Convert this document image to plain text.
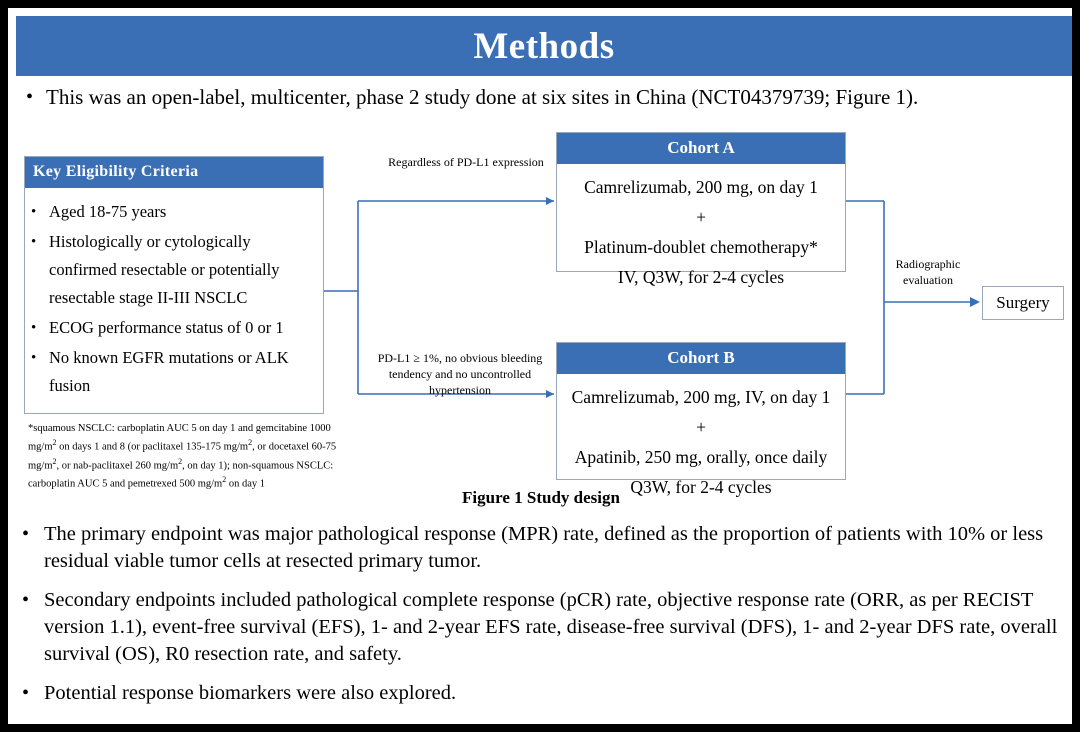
Methods
• This was an open-label, multicenter, phase 2 study done at six sites in China (NCT04379739; Figure 1).
Key Eligibility Criteria
• Aged 18-75 years
• Histologically or cytologically confirmed resectable or potentially resectable stage II-III NSCLC
• ECOG performance status of 0 or 1
• No known EGFR mutations or ALK fusion
*squamous NSCLC: carboplatin AUC 5 on day 1 and gemcitabine 1000 $mg/m^2$ on days 1 and 8 (or paclitaxel 135-175 $mg/m^2$, or docetaxel 60-75 $mg/m^2$, or nab-paclitaxel 260 $mg/m^2$, on day 1); non-squamous NSCLC: carboplatin AUC 5 and pemetrexed 500 $mg/m^2$ on day 1
Regardless of PD-L1 expression
PD-L1 ≥ 1%, no obvious bleeding tendency and no uncontrolled hypertension
Radiographic evaluation
Cohort A
Camrelizumab, 200 mg, on day 1
+
Platinum-doublet chemotherapy*
IV, Q3W, for 2-4 cycles
Cohort B
Camrelizumab, 200 mg, IV, on day 1
+
Apatinib, 250 mg, orally, once daily
Q3W, for 2-4 cycles
Surgery
Figure 1 Study design
• The primary endpoint was major pathological response (MPR) rate, defined as the proportion of patients with 10% or less residual viable tumor cells at resected primary tumor.
• Secondary endpoints included pathological complete response (pCR) rate, objective response rate (ORR, as per RECIST version 1.1), event-free survival (EFS), 1- and 2-year EFS rate, disease-free survival (DFS), 1- and 2-year DFS rate, overall survival (OS), R0 resection rate, and safety.
• Potential response biomarkers were also explored.
